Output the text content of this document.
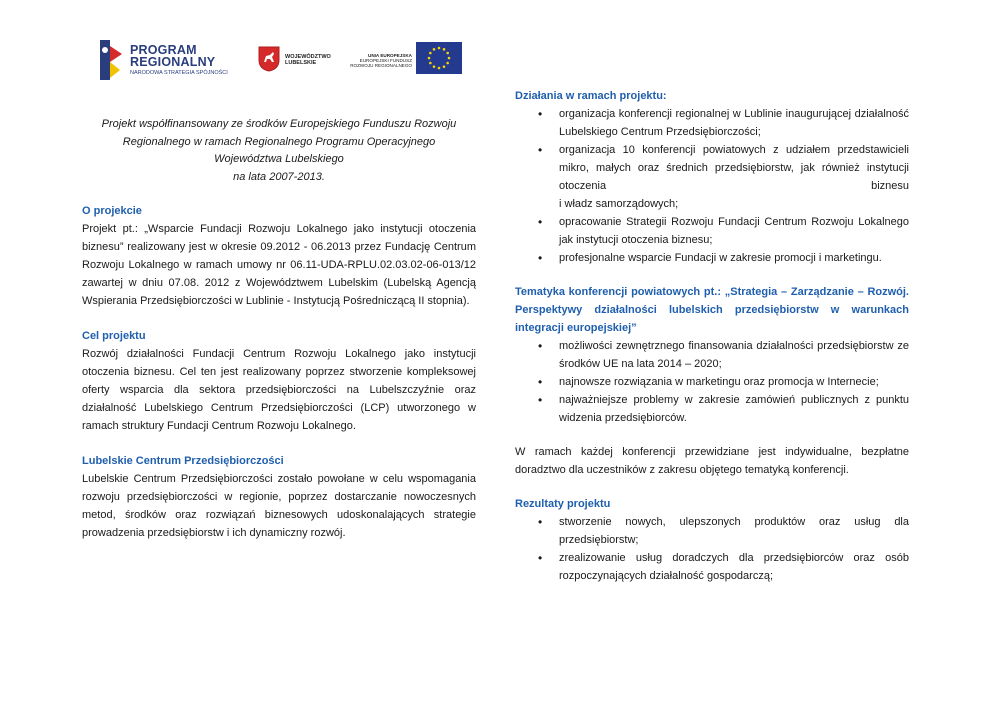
PROGRAM
REGIONALNY
NARODOWA STRATEGIA SPÓJNOŚCI
WOJEWÓDZTWO
LUBELSKIE
UNIA EUROPEJSKA
EUROPEJSKI FUNDUSZ
ROZWOJU REGIONALNEGO
Projekt współfinansowany ze środków Europejskiego Funduszu Rozwoju
Regionalnego w ramach Regionalnego Programu Operacyjnego
Województwa Lubelskiego
na lata 2007-2013.

O projekcie

Projekt pt.: „Wsparcie Fundacji Rozwoju Lokalnego jako instytucji otoczenia biznesu” realizowany jest w okresie 09.2012 - 06.2013 przez Fundację Centrum Rozwoju Lokalnego w ramach umowy nr 06.11-UDA-RPLU.02.03.02-06-013/12 zawartej w dniu 07.08. 2012 z Województwem Lubelskim (Lubelską Agencją Wspierania Przedsiębiorczości w Lublinie - Instytucją Pośredniczącą II stopnia).

Cel projektu

Rozwój działalności Fundacji Centrum Rozwoju Lokalnego jako instytucji otoczenia biznesu. Cel ten jest realizowany poprzez stworzenie kompleksowej oferty wsparcia dla sektora przedsiębiorczości na Lubelszczyźnie oraz działalność Lubelskiego Centrum Przedsiębiorczości (LCP) utworzonego w ramach struktury Fundacji Centrum Rozwoju Lokalnego.

Lubelskie Centrum Przedsiębiorczości

Lubelskie Centrum Przedsiębiorczości zostało powołane w celu wspomagania rozwoju przedsiębiorczości w regionie, poprzez dostarczanie nowoczesnych metod, środków oraz rozwiązań biznesowych udoskonalających strategie prowadzenia przedsiębiorstw i ich dynamiczny rozwój.

Działania w ramach projektu:

• organizacja konferencji regionalnej w Lublinie inaugurującej działalność Lubelskiego Centrum Przedsiębiorczości;
• organizacja 10 konferencji powiatowych z udziałem przedstawicieli mikro, małych oraz średnich przedsiębiorstw, jak również instytucji otoczenia biznesu
i władz samorządowych;
• opracowanie Strategii Rozwoju Fundacji Centrum Rozwoju Lokalnego jak instytucji otoczenia biznesu;
• profesjonalne wsparcie Fundacji w zakresie promocji i marketingu.

Tematyka konferencji powiatowych pt.: „Strategia – Zarządzanie – Rozwój. Perspektywy działalności lubelskich przedsiębiorstw w warunkach integracji europejskiej”

• możliwości zewnętrznego finansowania działalności przedsiębiorstw ze środków UE na lata 2014 – 2020;
• najnowsze rozwiązania w marketingu oraz promocja w Internecie;
• najważniejsze problemy w zakresie zamówień publicznych z punktu widzenia przedsiębiorców.

W ramach każdej konferencji przewidziane jest indywidualne, bezpłatne doradztwo dla uczestników z zakresu objętego tematyką konferencji.

Rezultaty projektu

• stworzenie nowych, ulepszonych produktów oraz usług dla przedsiębiorstw;
• zrealizowanie usług doradczych dla przedsiębiorców oraz osób rozpoczynających działalność gospodarczą;
